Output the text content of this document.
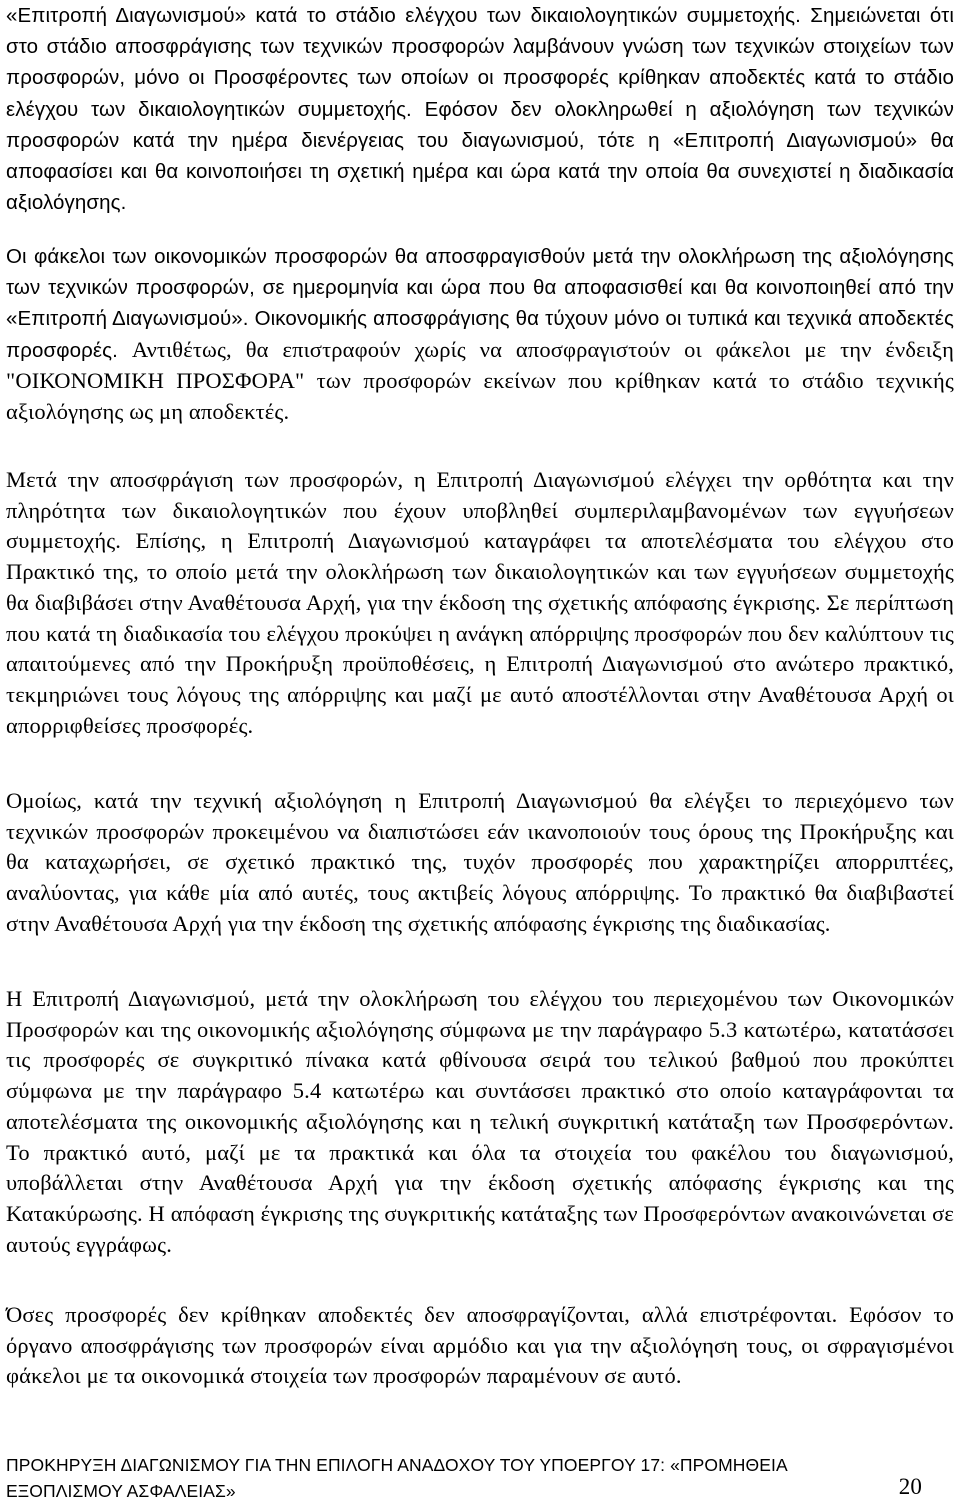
«Επιτροπή Διαγωνισμού» κατά το στάδιο ελέγχου των δικαιολογητικών συμμετοχής. Σημειώνεται ότι στο στάδιο αποσφράγισης των τεχνικών προσφορών λαμβάνουν γνώση των τεχνικών στοιχείων των προσφορών, μόνο οι Προσφέροντες των οποίων οι προσφορές κρίθηκαν αποδεκτές κατά το στάδιο ελέγχου των δικαιολογητικών συμμετοχής. Εφόσον δεν ολοκληρωθεί η αξιολόγηση των τεχνικών προσφορών κατά την ημέρα διενέργειας του διαγωνισμού, τότε η «Επιτροπή Διαγωνισμού» θα αποφασίσει και θα κοινοποιήσει τη σχετική ημέρα και ώρα κατά την οποία θα συνεχιστεί η διαδικασία αξιολόγησης.

Οι φάκελοι των οικονομικών προσφορών θα αποσφραγισθούν μετά την ολοκλήρωση της αξιολόγησης των τεχνικών προσφορών, σε ημερομηνία και ώρα που θα αποφασισθεί και θα κοινοποιηθεί από την «Επιτροπή Διαγωνισμού». Οικονομικής αποσφράγισης θα τύχουν μόνο οι τυπικά και τεχνικά αποδεκτές προσφορές. Αντιθέτως, θα επιστραφούν χωρίς να αποσφραγιστούν οι φάκελοι με την ένδειξη "ΟΙΚΟΝΟΜΙΚΗ ΠΡΟΣΦΟΡΑ" των προσφορών εκείνων που κρίθηκαν κατά το στάδιο τεχνικής αξιολόγησης ως μη αποδεκτές.

Μετά την αποσφράγιση των προσφορών, η Επιτροπή Διαγωνισμού ελέγχει την ορθότητα και την πληρότητα των δικαιολογητικών που έχουν υποβληθεί συμπεριλαμβανομένων των εγγυήσεων συμμετοχής. Επίσης, η Επιτροπή Διαγωνισμού καταγράφει τα αποτελέσματα του ελέγχου στο Πρακτικό της, το οποίο μετά την ολοκλήρωση των δικαιολογητικών και των εγγυήσεων συμμετοχής θα διαβιβάσει στην Αναθέτουσα Αρχή, για την έκδοση της σχετικής απόφασης έγκρισης. Σε περίπτωση που κατά τη διαδικασία του ελέγχου προκύψει η ανάγκη απόρριψης προσφορών που δεν καλύπτουν τις απαιτούμενες από την Προκήρυξη προϋποθέσεις, η Επιτροπή Διαγωνισμού στο ανώτερο πρακτικό, τεκμηριώνει τους λόγους της απόρριψης και μαζί με αυτό αποστέλλονται στην Αναθέτουσα Αρχή οι απορριφθείσες προσφορές.

Ομοίως, κατά την τεχνική αξιολόγηση η Επιτροπή Διαγωνισμού θα ελέγξει το περιεχόμενο των τεχνικών προσφορών προκειμένου να διαπιστώσει εάν ικανοποιούν τους όρους της Προκήρυξης και θα καταχωρήσει, σε σχετικό πρακτικό της, τυχόν προσφορές που χαρακτηρίζει απορριπτέες, αναλύοντας, για κάθε μία από αυτές, τους ακτιβείς λόγους απόρριψης. Το πρακτικό θα διαβιβαστεί στην Αναθέτουσα Αρχή για την έκδοση της σχετικής απόφασης έγκρισης της διαδικασίας.

Η Επιτροπή Διαγωνισμού, μετά την ολοκλήρωση του ελέγχου του περιεχομένου των Οικονομικών Προσφορών και της οικονομικής αξιολόγησης σύμφωνα με την παράγραφο 5.3 κατωτέρω, κατατάσσει τις προσφορές σε συγκριτικό πίνακα κατά φθίνουσα σειρά του τελικού βαθμού που προκύπτει σύμφωνα με την παράγραφο 5.4 κατωτέρω και συντάσσει πρακτικό στο οποίο καταγράφονται τα αποτελέσματα της οικονομικής αξιολόγησης και η τελική συγκριτική κατάταξη των Προσφερόντων. Το πρακτικό αυτό, μαζί με τα πρακτικά και όλα τα στοιχεία του φακέλου του διαγωνισμού, υποβάλλεται στην Αναθέτουσα Αρχή για την έκδοση σχετικής απόφασης έγκρισης και της Κατακύρωσης. Η απόφαση έγκρισης της συγκριτικής κατάταξης των Προσφερόντων ανακοινώνεται σε αυτούς εγγράφως.

Όσες προσφορές δεν κρίθηκαν αποδεκτές δεν αποσφραγίζονται, αλλά επιστρέφονται. Εφόσον το όργανο αποσφράγισης των προσφορών είναι αρμόδιο και για την αξιολόγηση τους, οι σφραγισμένοι φάκελοι με τα οικονομικά στοιχεία των προσφορών παραμένουν σε αυτό.

ΠΡΟΚΗΡΥΞΗ ΔΙΑΓΩΝΙΣΜΟΥ ΓΙΑ ΤΗΝ ΕΠΙΛΟΓΗ ΑΝΑΔΟΧΟΥ ΤΟΥ ΥΠΟΕΡΓΟΥ 17: «ΠΡΟΜΗΘΕΙΑ
ΕΞΟΠΛΙΣΜΟΥ ΑΣΦΑΛΕΙΑΣ»	20
